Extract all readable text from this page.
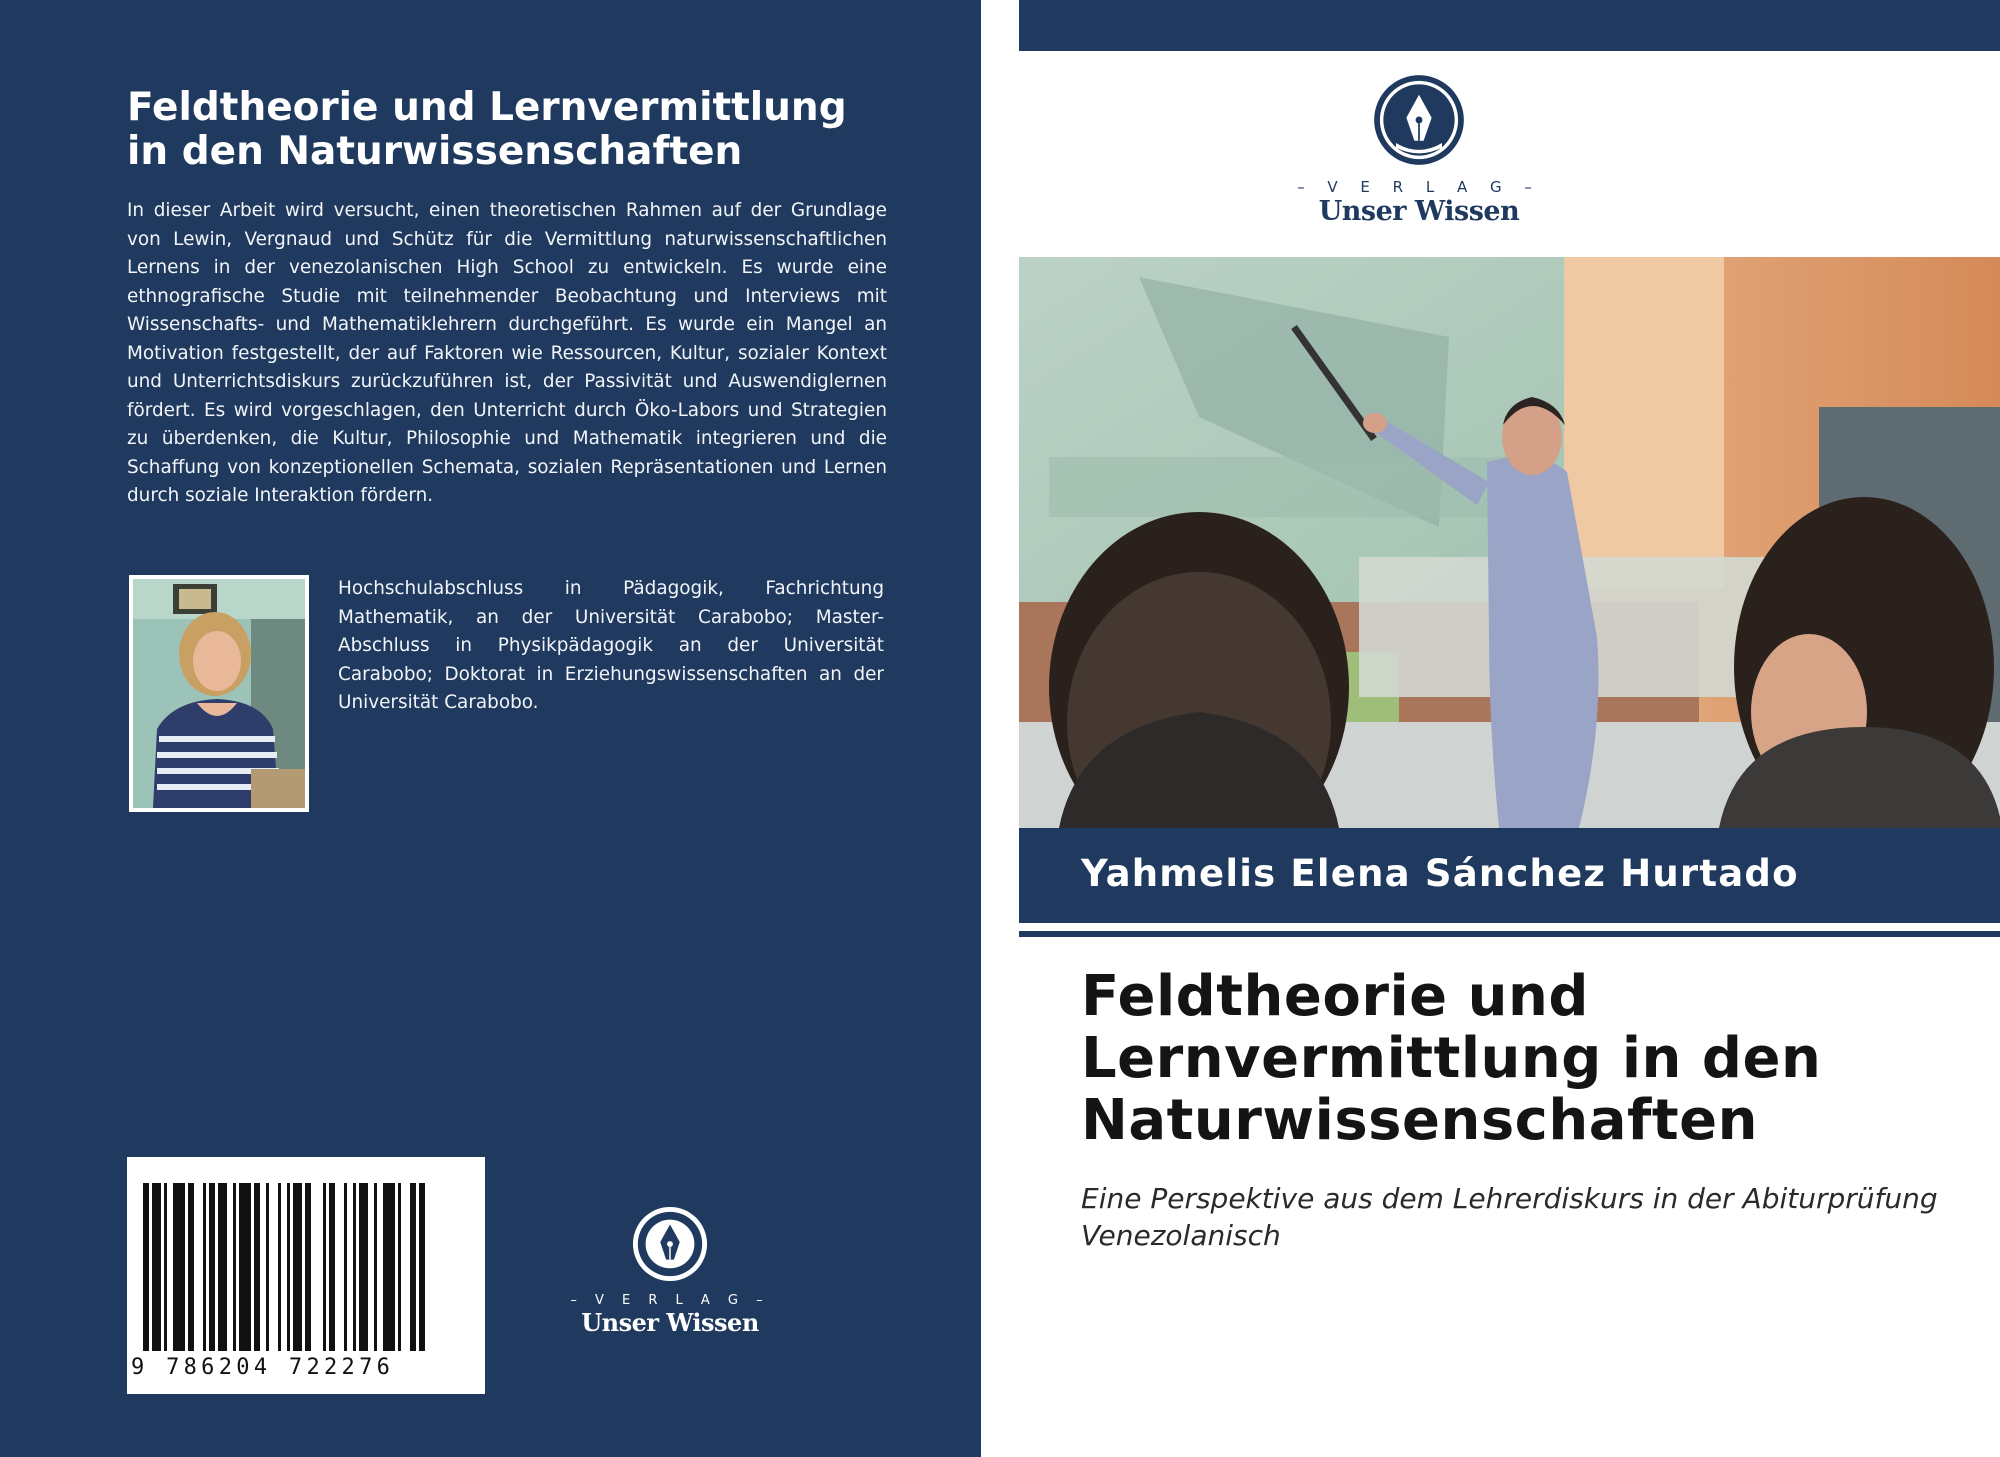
Feldtheorie und Lernvermittlung in den Naturwissenschaften

In dieser Arbeit wird versucht, einen theoretischen Rahmen auf der Grundlage von Lewin, Vergnaud und Schütz für die Vermittlung naturwissenschaftlichen Lernens in der venezolanischen High School zu entwickeln. Es wurde eine ethnografische Studie mit teilnehmender Beobachtung und Interviews mit Wissenschafts- und Mathematiklehrern durchgeführt. Es wurde ein Mangel an Motivation festgestellt, der auf Faktoren wie Ressourcen, Kultur, sozialer Kontext und Unterrichtsdiskurs zurückzuführen ist, der Passivität und Auswendiglernen fördert. Es wird vorgeschlagen, den Unterricht durch Öko-Labors und Strategien zu überdenken, die Kultur, Philosophie und Mathematik integrieren und die Schaffung von konzeptionellen Schemata, sozialen Repräsentationen und Lernen durch soziale Interaktion fördern.

Hochschulabschluss in Pädagogik, Fachrichtung Mathematik, an der Universität Carabobo; Master-Abschluss in Physikpädagogik an der Universität Carabobo; Doktorat in Erziehungswissenschaften an der Universität Carabobo.

9 786204 722276
– V E R L A G –
Unser Wissen
– V E R L A G –
Unser Wissen
Yahmelis Elena Sánchez Hurtado
Feldtheorie und Lernvermittlung in den Naturwissenschaften

Eine Perspektive aus dem Lehrerdiskurs in der Abiturprüfung Venezolanisch
